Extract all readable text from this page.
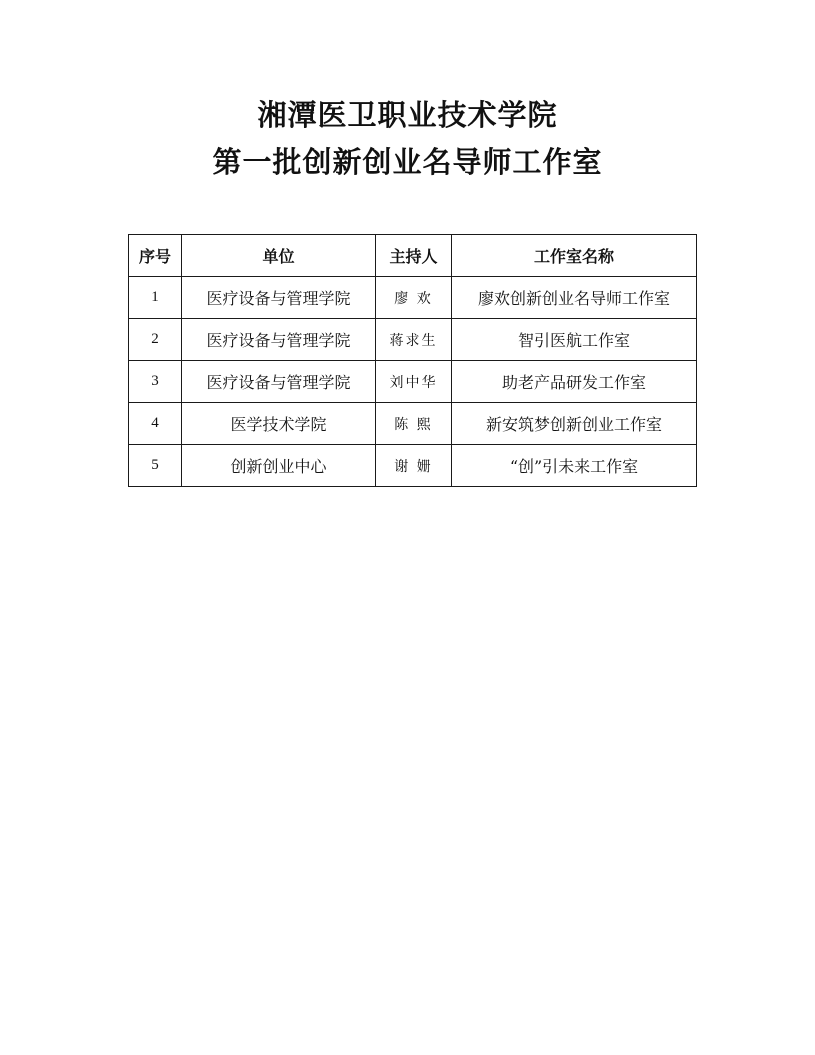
湘潭医卫职业技术学院
第一批创新创业名导师工作室
序号	单位	主持人	工作室名称
1	医疗设备与管理学院	廖 欢	廖欢创新创业名导师工作室
2	医疗设备与管理学院	蒋求生	智引医航工作室
3	医疗设备与管理学院	刘中华	助老产品研发工作室
4	医学技术学院	陈 熙	新安筑梦创新创业工作室
5	创新创业中心	谢 姗	“创”引未来工作室
